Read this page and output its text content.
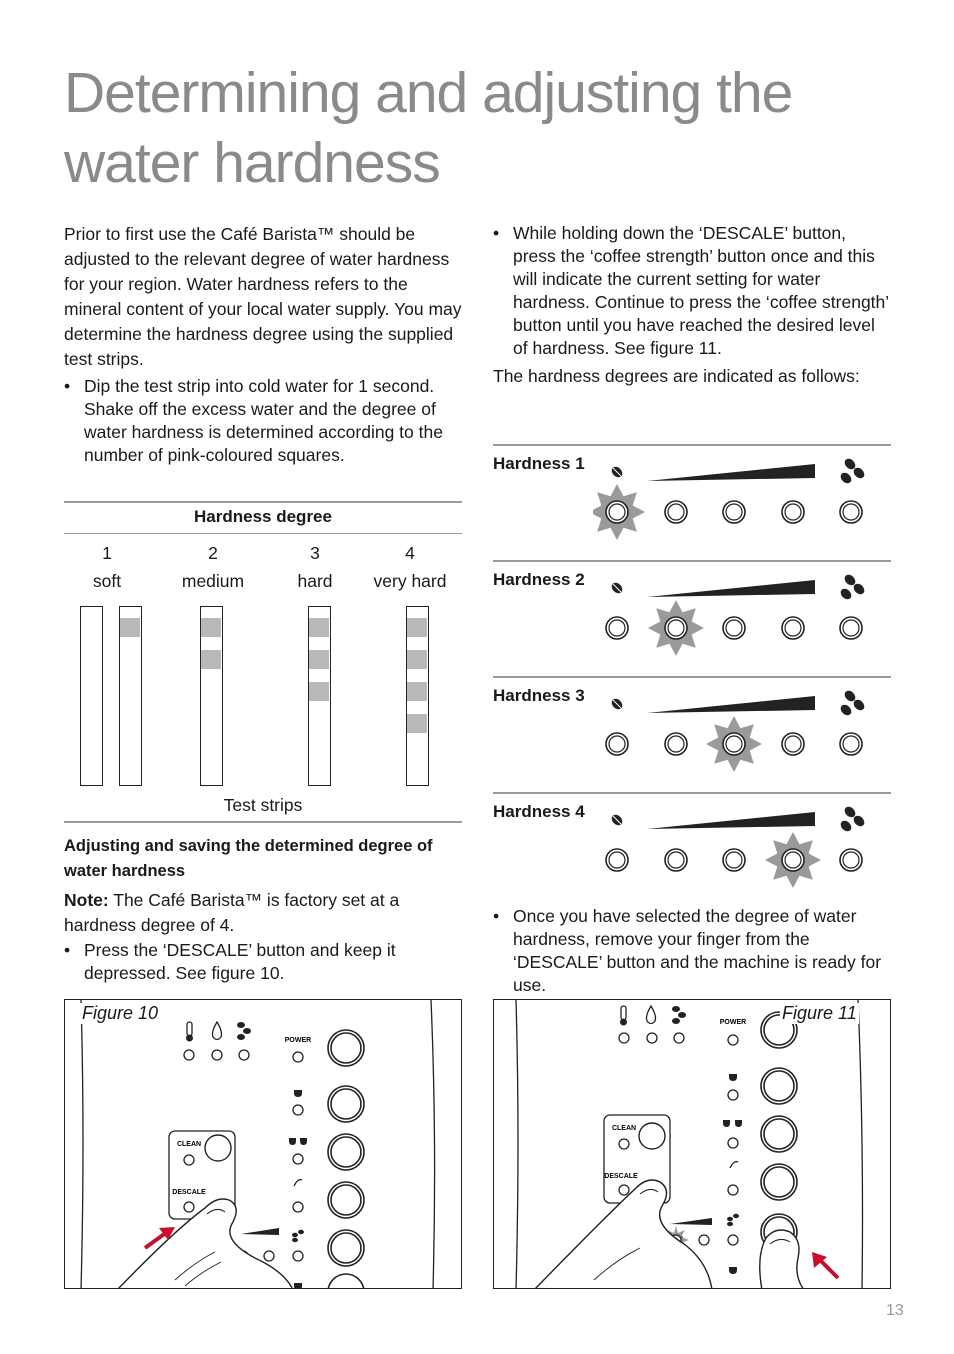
Determining and adjusting the
water hardness

Prior to first use the Café Barista™ should be adjusted to the relevant degree of water hardness for your region. Water hardness refers to the mineral content of your local water supply. You may determine the hardness degree using the supplied test strips.

• Dip the test strip into cold water for 1 second. Shake off the excess water and the degree of water hardness is determined according to the number of pink-coloured squares.
Hardness degree
1	2	3	4
soft	medium	hard	very hard
Test strips
Adjusting and saving the determined degree of water hardness

Note: The Café Barista™ is factory set at a hardness degree of 4.

• Press the ‘DESCALE’ button and keep it depressed. See figure 10.
• While holding down the ‘DESCALE’ button, press the ‘coffee strength’ button once and this will indicate the current setting for water hardness. Continue to press the ‘coffee strength’ button until you have reached the desired level of hardness. See figure 11.

The hardness degrees are indicated as follows:

Hardness 1
Hardness 2
Hardness 3
Hardness 4
• Once you have selected the degree of water hardness, remove your finger from the ‘DESCALE’ button and the machine is ready for use.
POWER
CLEAN
DESCALE
Figure 10	POWER
CLEAN
DESCALE
Figure 11
13
